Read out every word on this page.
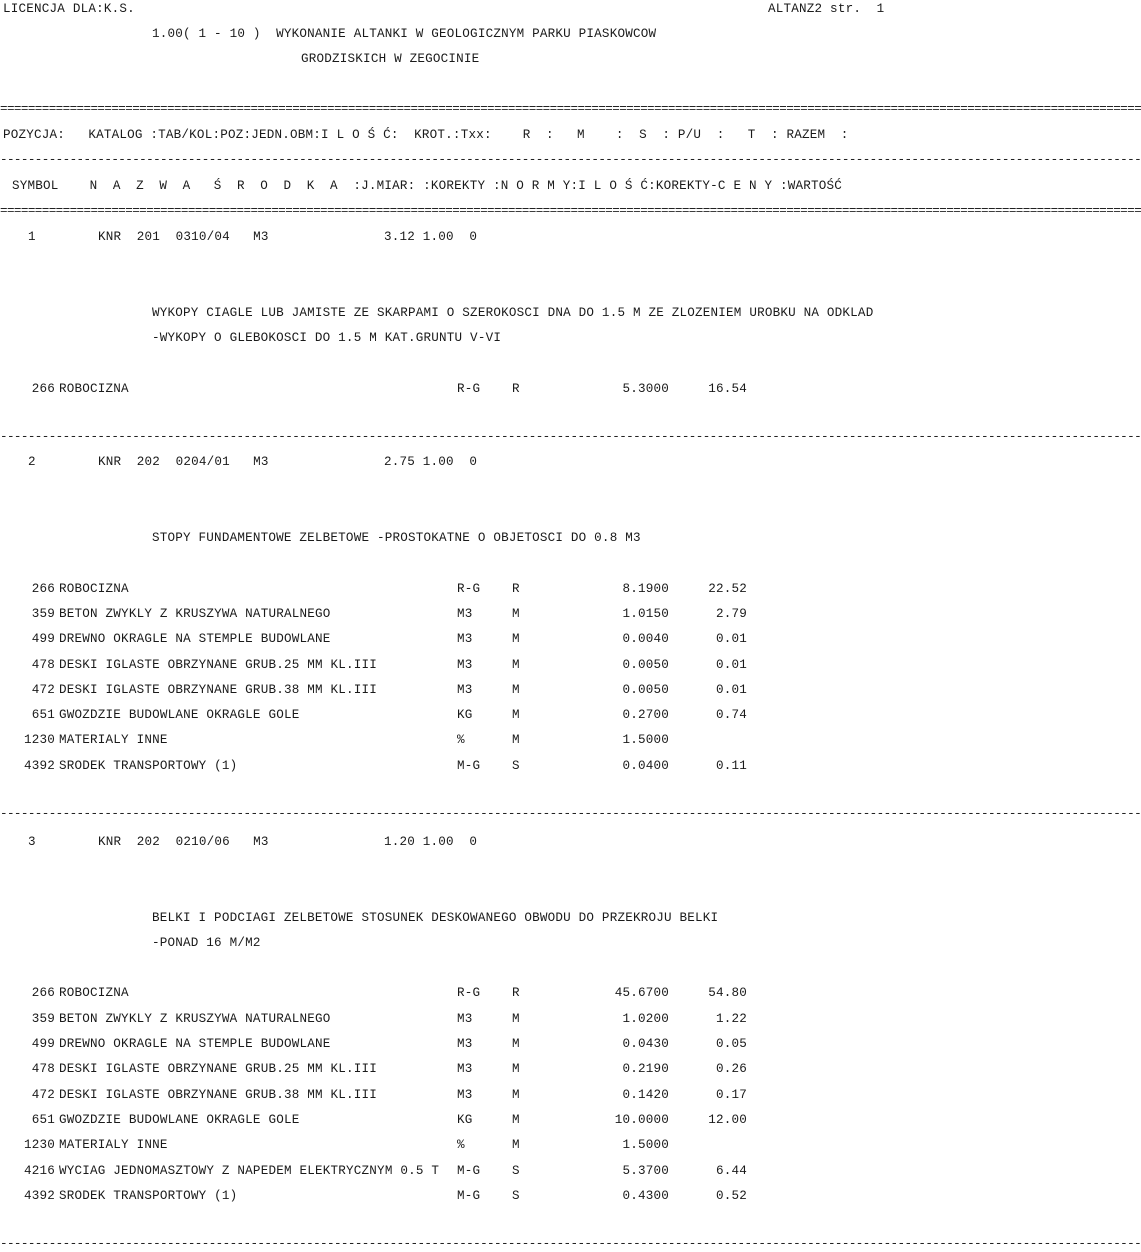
LICENCJA DLA:K.S.	ALTANZ2 str.  1
1.00( 1 - 10 )  WYKONANIE ALTANKI W GEOLOGICZNYM PARKU PIASKOWCOW
GRODZISKICH W ZEGOCINIE
====================================================================================================================================================================
POZYCJA:   KATALOG :TAB/KOL:POZ:JEDN.OBM:I L O Ś Ć:  KROT.:Txx:    R  :   M    :  S  : P/U  :   T  : RAZEM  :
--------------------------------------------------------------------------------------------------------------------------------------------------------------------
SYMBOL    N  A  Z  W  A   Ś  R  O  D  K  A  :J.MIAR: :KOREKTY :N O R M Y:I L O Ś Ć:KOREKTY-C E N Y :WARTOŚĆ
====================================================================================================================================================================
1	KNR  201  0310/04   M3	3.12 1.00  0
WYKOPY CIAGLE LUB JAMISTE ZE SKARPAMI O SZEROKOSCI DNA DO 1.5 M ZE ZLOZENIEM UROBKU NA ODKLAD
-WYKOPY O GLEBOKOSCI DO 1.5 M KAT.GRUNTU V-VI
266 ROBOCIZNA	R-G	R	5.3000	16.54
--------------------------------------------------------------------------------------------------------------------------------------------------------------------
2	KNR  202  0204/01   M3	2.75 1.00  0
STOPY FUNDAMENTOWE ZELBETOWE -PROSTOKATNE O OBJETOSCI DO 0.8 M3
266 ROBOCIZNA	R-G	R	8.1900	22.52
359 BETON ZWYKLY Z KRUSZYWA NATURALNEGO	M3	M	1.0150	2.79
499 DREWNO OKRAGLE NA STEMPLE BUDOWLANE	M3	M	0.0040	0.01
478 DESKI IGLASTE OBRZYNANE GRUB.25 MM KL.III	M3	M	0.0050	0.01
472 DESKI IGLASTE OBRZYNANE GRUB.38 MM KL.III	M3	M	0.0050	0.01
651 GWOZDZIE BUDOWLANE OKRAGLE GOLE	KG	M	0.2700	0.74
1230 MATERIALY INNE	%	M	1.5000
4392 SRODEK TRANSPORTOWY (1)	M-G	S	0.0400	0.11
--------------------------------------------------------------------------------------------------------------------------------------------------------------------
3	KNR  202  0210/06   M3	1.20 1.00  0
BELKI I PODCIAGI ZELBETOWE STOSUNEK DESKOWANEGO OBWODU DO PRZEKROJU BELKI
-PONAD 16 M/M2
266 ROBOCIZNA	R-G	R	45.6700	54.80
359 BETON ZWYKLY Z KRUSZYWA NATURALNEGO	M3	M	1.0200	1.22
499 DREWNO OKRAGLE NA STEMPLE BUDOWLANE	M3	M	0.0430	0.05
478 DESKI IGLASTE OBRZYNANE GRUB.25 MM KL.III	M3	M	0.2190	0.26
472 DESKI IGLASTE OBRZYNANE GRUB.38 MM KL.III	M3	M	0.1420	0.17
651 GWOZDZIE BUDOWLANE OKRAGLE GOLE	KG	M	10.0000	12.00
1230 MATERIALY INNE	%	M	1.5000
4216 WYCIAG JEDNOMASZTOWY Z NAPEDEM ELEKTRYCZNYM 0.5 T M-G	S	5.3700	6.44
4392 SRODEK TRANSPORTOWY (1)	M-G	S	0.4300	0.52
--------------------------------------------------------------------------------------------------------------------------------------------------------------------
